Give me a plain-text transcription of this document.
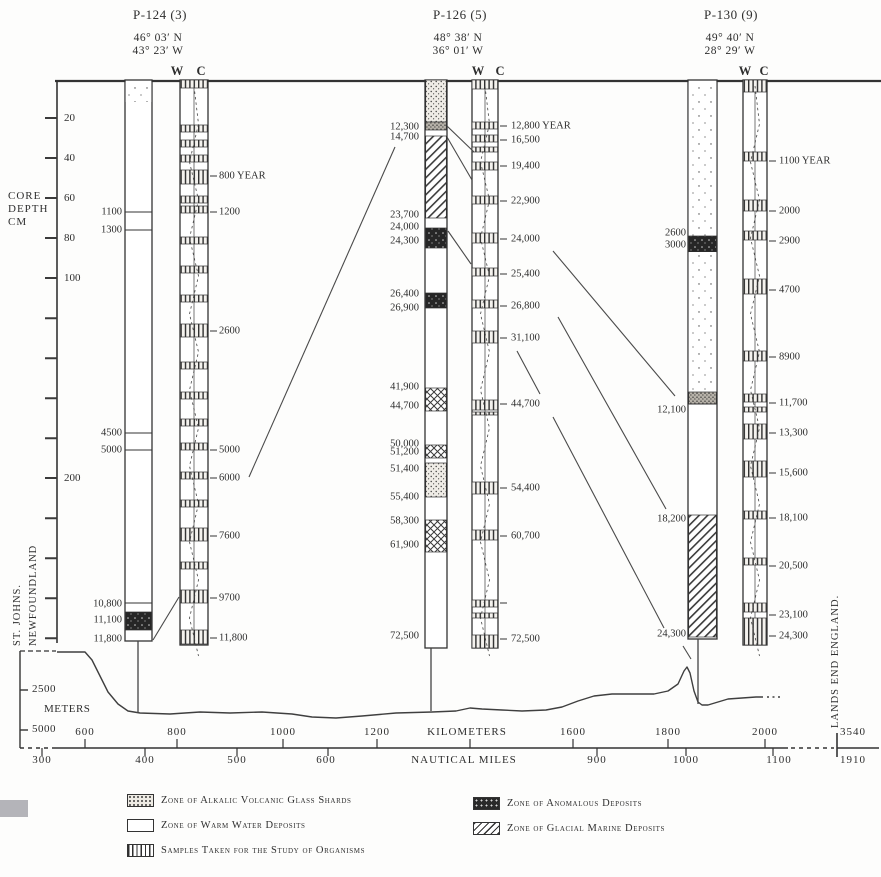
P-124 (3)
46° 03′ N
43° 23′ W
W C
P-126 (5)
48° 38′ N
36° 01′ W
W C
P-130 (9)
49° 40′ N
28° 29′ W
W C
CORE
DEPTH
CM
20
40
60
80
100
200
1100
1300
4500
5000
10,800
11,100
11,800
800 YEAR
1200
2600
5000
6000
7600
9700
11,800
12,300
14,700
23,700
24,000
24,300
26,400
26,900
41,900
44,700
50,000
51,200
51,400
55,400
58,300
61,900
72,500
12,800 YEAR
16,500
19,400
22,900
24,000
25,400
26,800
31,100
44,700
54,400
60,700
72,500
2600
3000
12,100
18,200
24,300
1100 YEAR
2000
2900
4700
8900
11,700
13,300
15,600
18,100
20,500
23,100
24,300
ST. JOHNS. NEWFOUNDLAND	LANDS END ENGLAND.
2500
METERS
5000 600	800	1000	1200	KILOMETERS	1600	1800	2000	3540
300	400	500	600	NAUTICAL MILES	900	1000	1100	1910
Zone of Alkalic Volcanic Glass Shards
Zone of Warm Water Deposits
Samples Taken for the Study of Organisms
Zone of Anomalous Deposits
Zone of Glacial Marine Deposits
